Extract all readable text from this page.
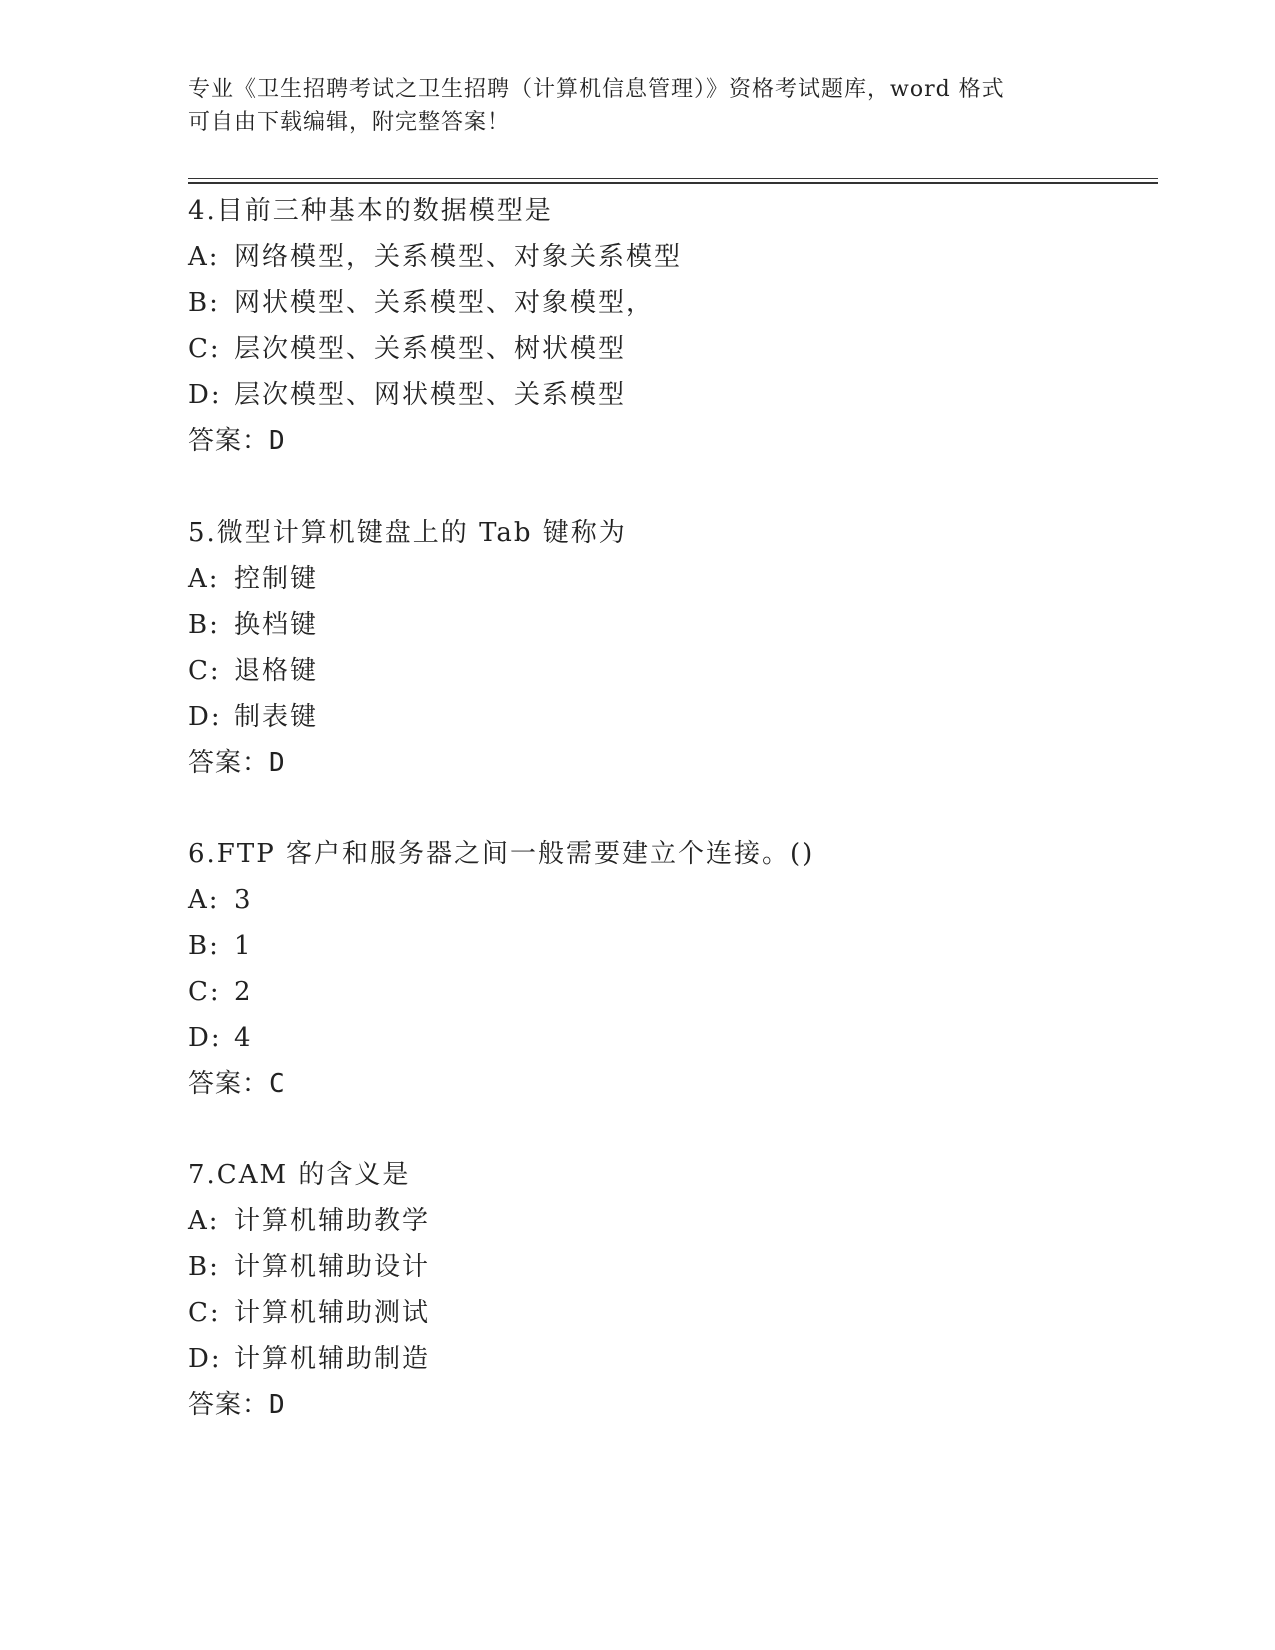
专业《卫生招聘考试之卫生招聘（计算机信息管理）》资格考试题库，word 格式
可自由下载编辑，附完整答案！
4.目前三种基本的数据模型是
A: 网络模型，关系模型、对象关系模型
B: 网状模型、关系模型、对象模型，
C: 层次模型、关系模型、树状模型
D: 层次模型、网状模型、关系模型
答案：D
5.微型计算机键盘上的 Tab 键称为
A: 控制键
B: 换档键
C: 退格键
D: 制表键
答案：D
6.FTP 客户和服务器之间一般需要建立个连接。()
A: 3
B: 1
C: 2
D: 4
答案：C
7.CAM 的含义是
A: 计算机辅助教学
B: 计算机辅助设计
C: 计算机辅助测试
D: 计算机辅助制造
答案：D
